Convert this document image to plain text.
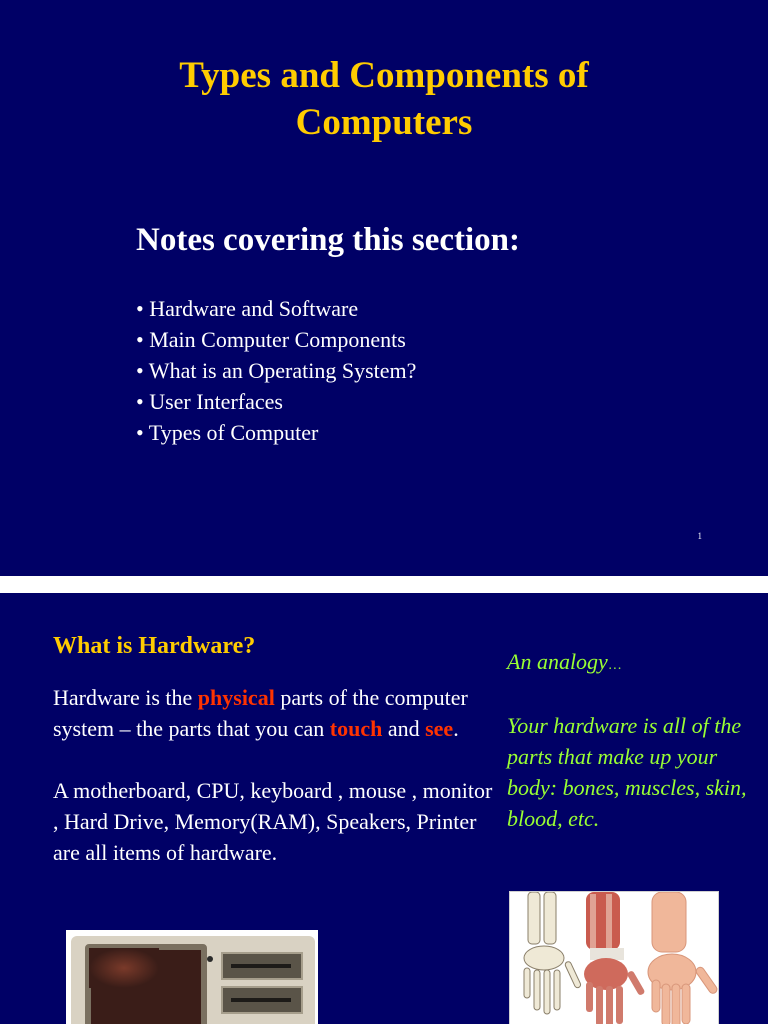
Types and Components of
Computers

Notes covering this section:

• Hardware and Software
• Main Computer Components
• What is an Operating System?
• User Interfaces
• Types of Computer
1

What is Hardware?

Hardware is the physical parts of the computer system – the parts that you can touch and see.

A motherboard, CPU, keyboard , mouse , monitor , Hard Drive, Memory(RAM), Speakers, Printer are all items of hardware.

An analogy…

Your hardware is all of the parts that make up your body: bones, muscles, skin, blood, etc.
